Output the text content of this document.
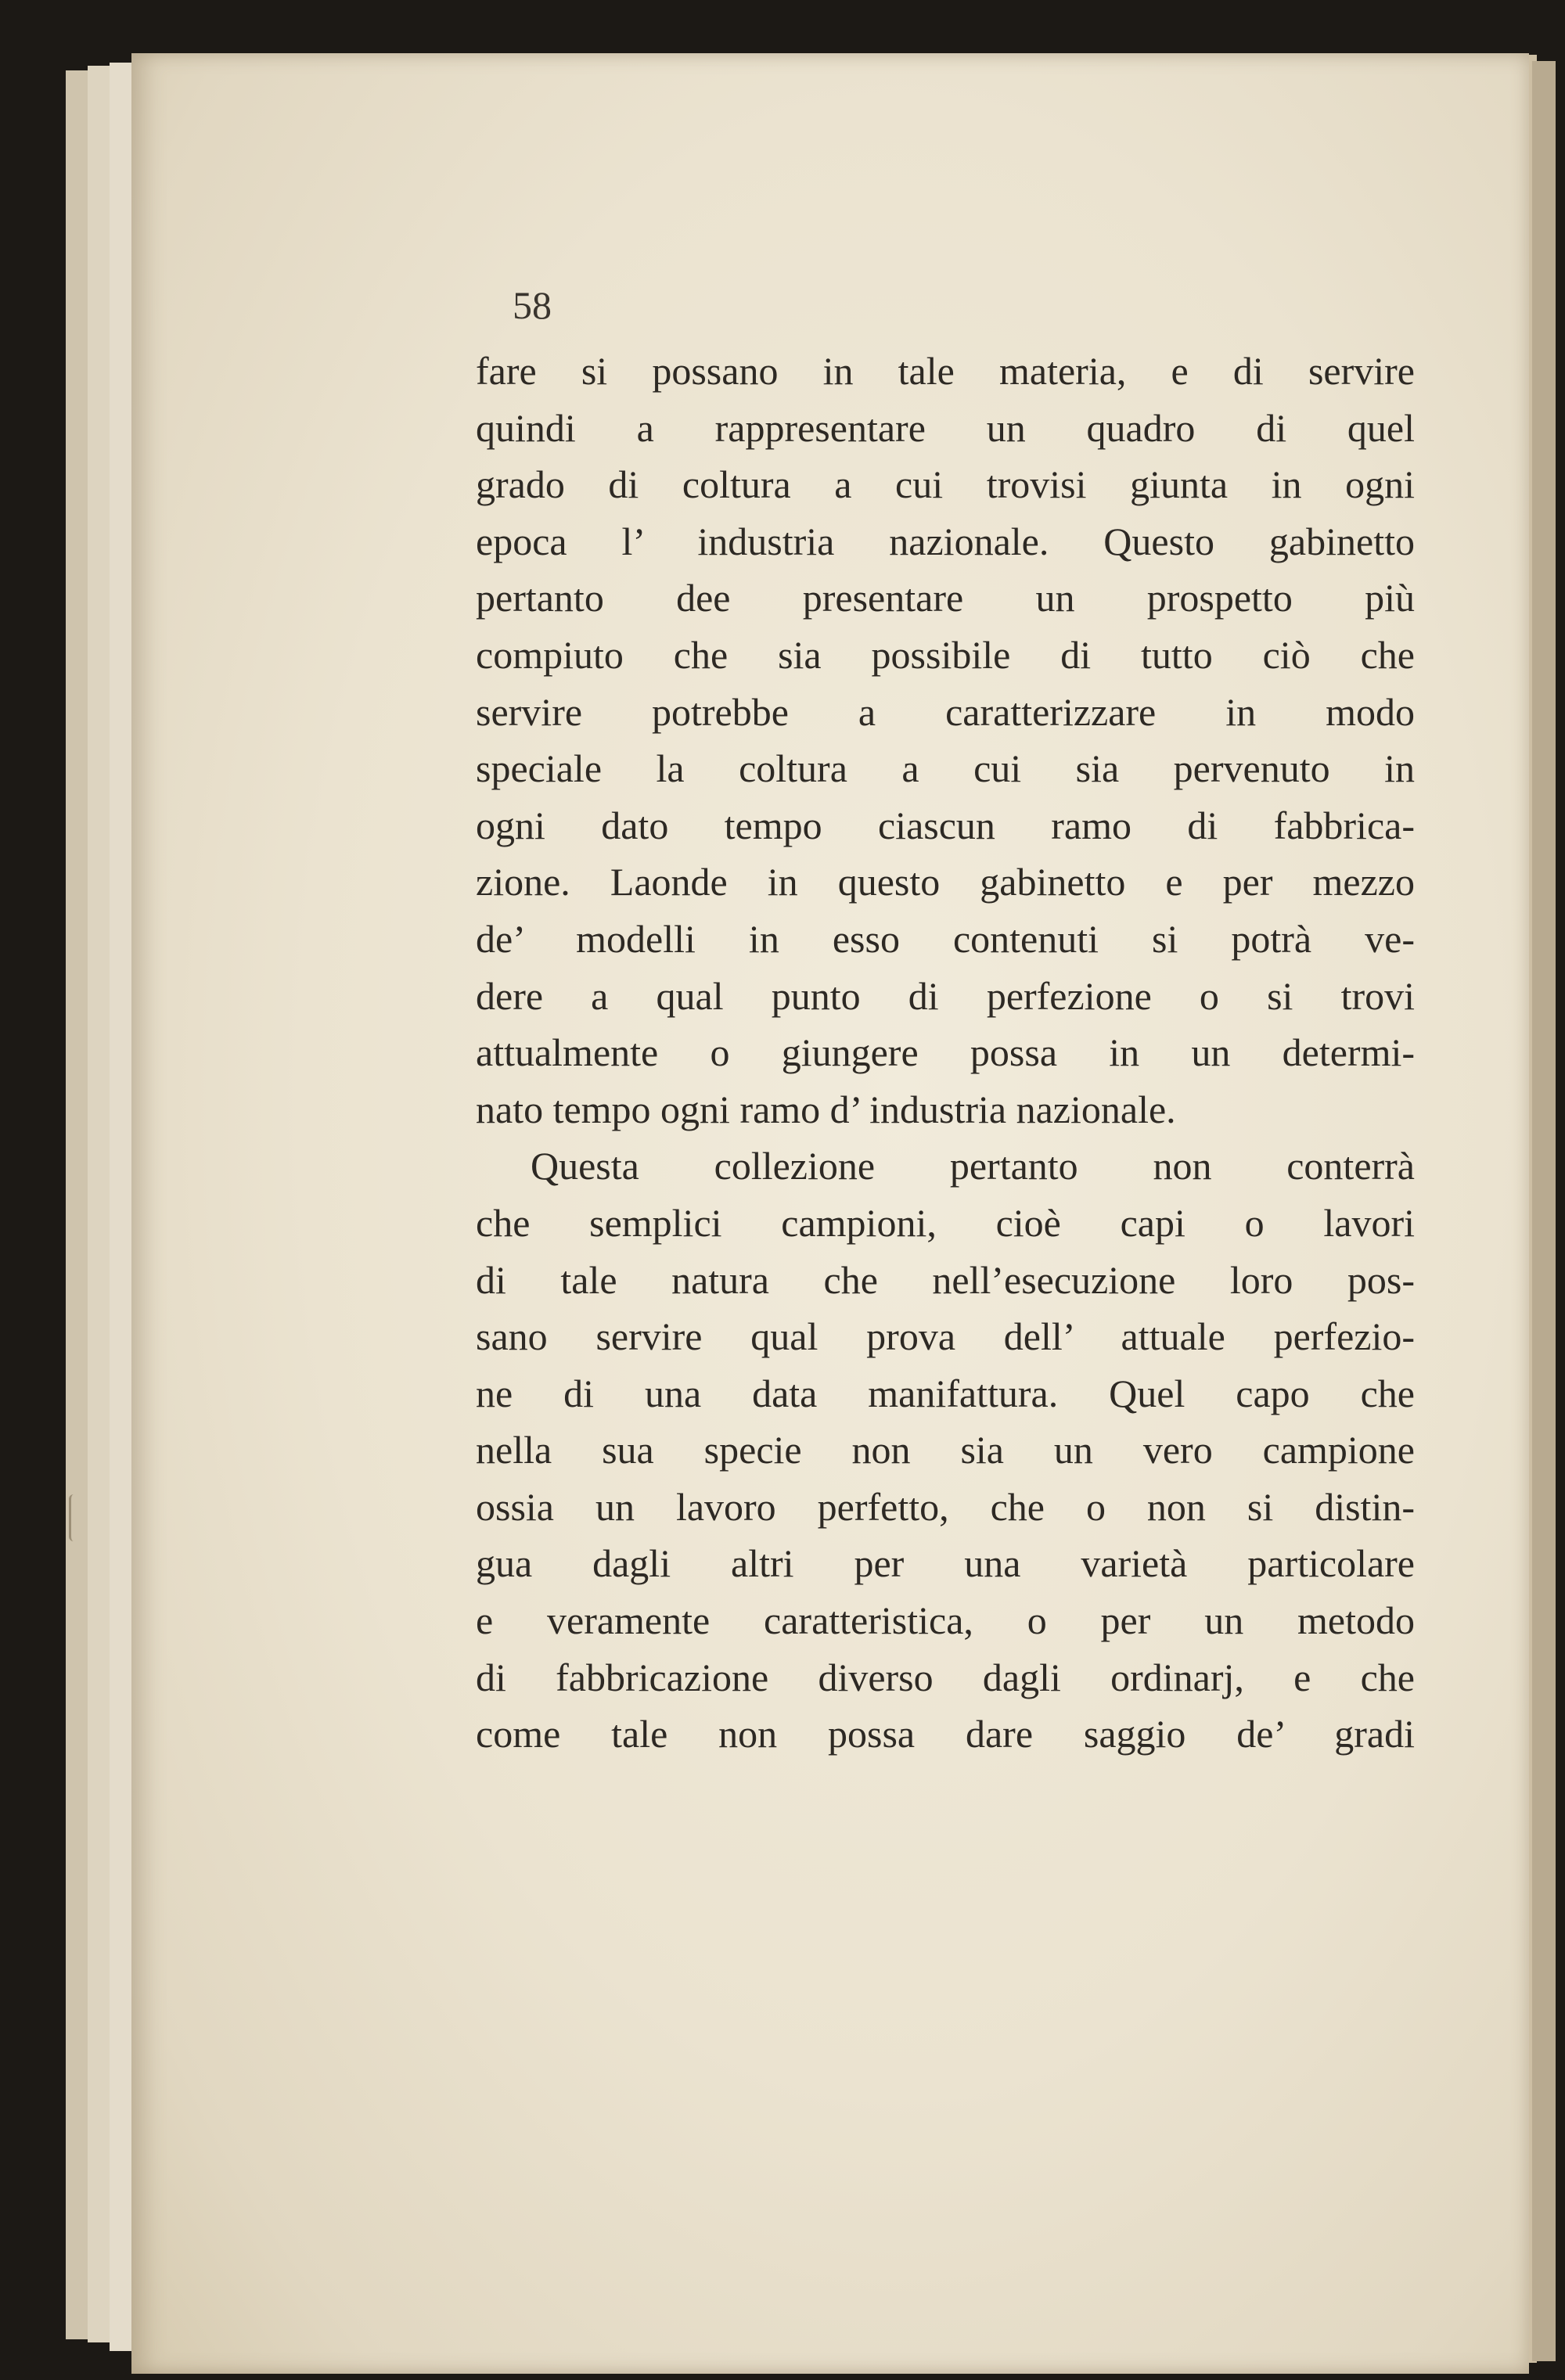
58
fare si possano in tale materia, e di servire
quindi a rappresentare un quadro di quel
grado di coltura a cui trovisi giunta in ogni
epoca l’ industria nazionale. Questo gabinetto
pertanto dee presentare un prospetto più
compiuto che sia possibile di tutto ciò che
servire potrebbe a caratterizzare in modo
speciale la coltura a cui sia pervenuto in
ogni dato tempo ciascun ramo di fabbrica-
zione. Laonde in questo gabinetto e per mezzo
de’ modelli in esso contenuti si potrà ve-
dere a qual punto di perfezione o si trovi
attualmente o giungere possa in un determi-
nato tempo ogni ramo d’ industria nazionale.
Questa collezione pertanto non conterrà
che semplici campioni, cioè capi o lavori
di tale natura che nell’esecuzione loro pos-
sano servire qual prova dell’ attuale perfezio-
ne di una data manifattura. Quel capo che
nella sua specie non sia un vero campione
ossia un lavoro perfetto, che o non si distin-
gua dagli altri per una varietà particolare
e veramente caratteristica, o per un metodo
di fabbricazione diverso dagli ordinarj, e che
come tale non possa dare saggio de’ gradi
